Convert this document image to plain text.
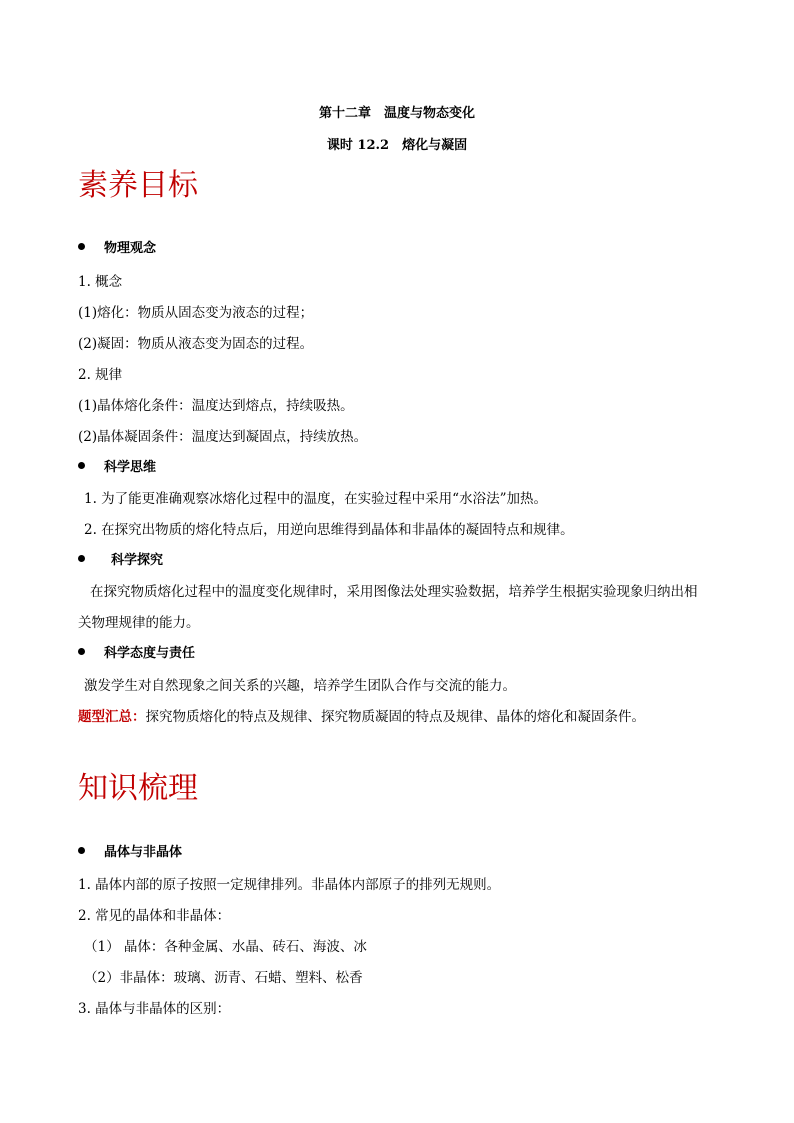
第十二章　温度与物态变化
课时 12.2　熔化与凝固
素养目标
物理观念
1. 概念
(1)熔化：物质从固态变为液态的过程；
(2)凝固：物质从液态变为固态的过程。
2. 规律
(1)晶体熔化条件：温度达到熔点，持续吸热。
(2)晶体凝固条件：温度达到凝固点，持续放热。
科学思维
1. 为了能更准确观察冰熔化过程中的温度，在实验过程中采用“水浴法”加热。
2. 在探究出物质的熔化特点后，用逆向思维得到晶体和非晶体的凝固特点和规律。
科学探究
在探究物质熔化过程中的温度变化规律时，采用图像法处理实验数据，培养学生根据实验现象归纳出相
关物理规律的能力。
科学态度与责任
激发学生对自然现象之间关系的兴趣，培养学生团队合作与交流的能力。
题型汇总：探究物质熔化的特点及规律、探究物质凝固的特点及规律、晶体的熔化和凝固条件。
知识梳理
晶体与非晶体
1. 晶体内部的原子按照一定规律排列。非晶体内部原子的排列无规则。
2. 常见的晶体和非晶体：
（1） 晶体：各种金属、水晶、砖石、海波、冰
（2）非晶体：玻璃、沥青、石蜡、塑料、松香
3. 晶体与非晶体的区别：
